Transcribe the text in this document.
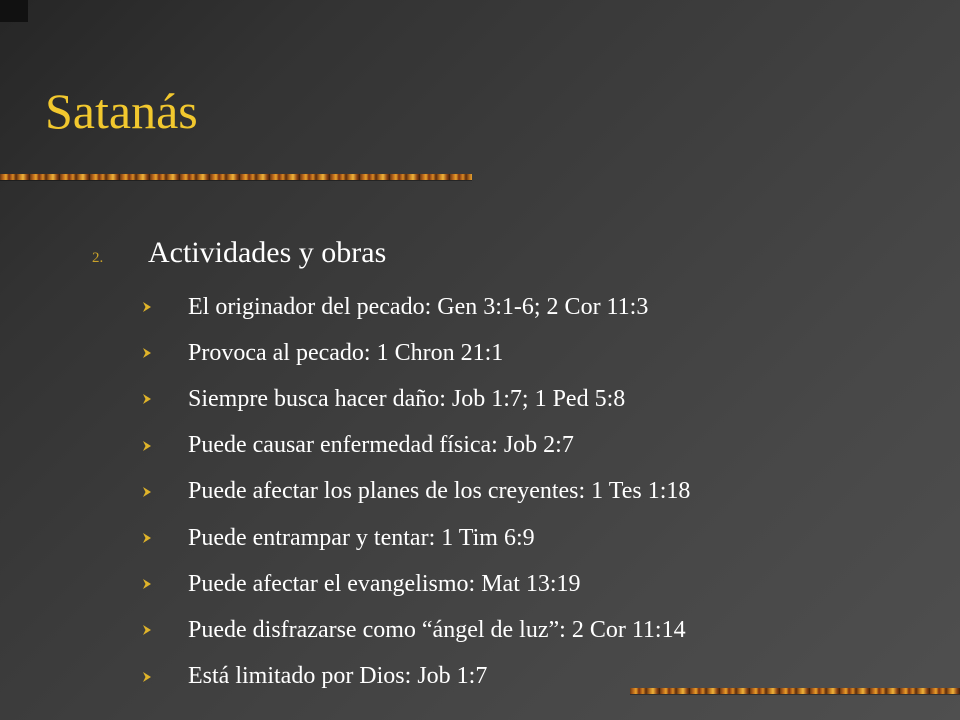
Satanás
2.	Actividades y obras
El originador del pecado: Gen 3:1-6; 2 Cor 11:3
Provoca al pecado: 1 Chron 21:1
Siempre busca hacer daño: Job 1:7; 1 Ped 5:8
Puede causar enfermedad física: Job 2:7
Puede afectar los planes de los creyentes: 1 Tes 1:18
Puede entrampar y tentar: 1 Tim 6:9
Puede afectar el evangelismo: Mat 13:19
Puede disfrazarse como “ángel de luz”: 2 Cor 11:14
Está limitado por Dios: Job 1:7
